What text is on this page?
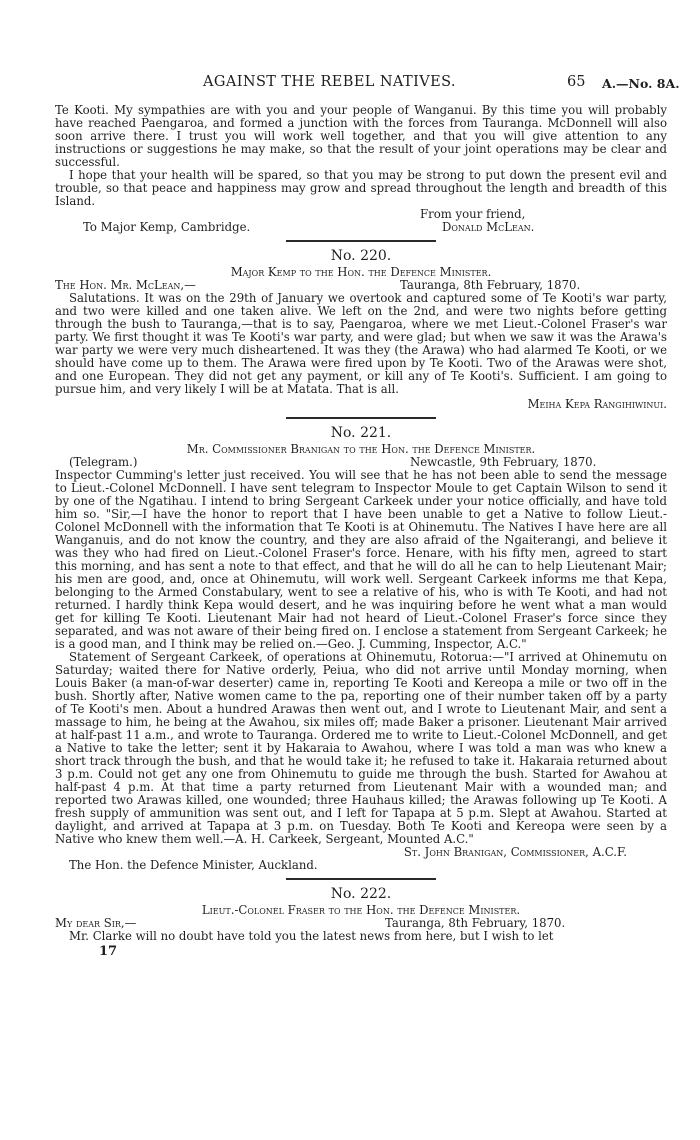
AGAINST THE REBEL NATIVES.	65 A.—No. 8A.

Te Kooti. My sympathies are with you and your people of Wanganui. By this time you will probably have reached Paengaroa, and formed a junction with the forces from Tauranga. McDonnell will also soon arrive there. I trust you will work well together, and that you will give attention to any instructions or suggestions he may make, so that the result of your joint operations may be clear and successful.

I hope that your health will be spared, so that you may be strong to put down the present evil and trouble, so that peace and happiness may grow and spread throughout the length and breadth of this Island.

From your friend,
To Major Kemp, Cambridge.	Donald McLean.
No. 220.
Major Kemp to the Hon. the Defence Minister.
The Hon. Mr. McLean,—	Tauranga, 8th February, 1870.

Salutations. It was on the 29th of January we overtook and captured some of Te Kooti's war party, and two were killed and one taken alive. We left on the 2nd, and were two nights before getting through the bush to Tauranga,—that is to say, Paengaroa, where we met Lieut.-Colonel Fraser's war party. We first thought it was Te Kooti's war party, and were glad; but when we saw it was the Arawa's war party we were very much disheartened. It was they (the Arawa) who had alarmed Te Kooti, or we should have come up to them. The Arawa were fired upon by Te Kooti. Two of the Arawas were shot, and one European. They did not get any payment, or kill any of Te Kooti's. Sufficient. I am going to pursue him, and very likely I will be at Matata. That is all.

Meiha Kepa Rangihiwinui.
No. 221.
Mr. Commissioner Branigan to the Hon. the Defence Minister.
(Telegram.)	Newcastle, 9th February, 1870.

Inspector Cumming's letter just received. You will see that he has not been able to send the message to Lieut.-Colonel McDonnell. I have sent telegram to Inspector Moule to get Captain Wilson to send it by one of the Ngatihau. I intend to bring Sergeant Carkeek under your notice officially, and have told him so. "Sir,—I have the honor to report that I have been unable to get a Native to follow Lieut.-Colonel McDonnell with the information that Te Kooti is at Ohinemutu. The Natives I have here are all Wanganuis, and do not know the country, and they are also afraid of the Ngaiterangi, and believe it was they who had fired on Lieut.-Colonel Fraser's force. Henare, with his fifty men, agreed to start this morning, and has sent a note to that effect, and that he will do all he can to help Lieutenant Mair; his men are good, and, once at Ohinemutu, will work well. Sergeant Carkeek informs me that Kepa, belonging to the Armed Constabulary, went to see a relative of his, who is with Te Kooti, and had not returned. I hardly think Kepa would desert, and he was inquiring before he went what a man would get for killing Te Kooti. Lieutenant Mair had not heard of Lieut.-Colonel Fraser's force since they separated, and was not aware of their being fired on. I enclose a statement from Sergeant Carkeek; he is a good man, and I think may be relied on.—Geo. J. Cumming, Inspector, A.C."

Statement of Sergeant Carkeek, of operations at Ohinemutu, Rotorua:—"I arrived at Ohinemutu on Saturday; waited there for Native orderly, Peiua, who did not arrive until Monday morning, when Louis Baker (a man-of-war deserter) came in, reporting Te Kooti and Kereopa a mile or two off in the bush. Shortly after, Native women came to the pa, reporting one of their number taken off by a party of Te Kooti's men. About a hundred Arawas then went out, and I wrote to Lieutenant Mair, and sent a massage to him, he being at the Awahou, six miles off; made Baker a prisoner. Lieutenant Mair arrived at half-past 11 a.m., and wrote to Tauranga. Ordered me to write to Lieut.-Colonel McDonnell, and get a Native to take the letter; sent it by Hakaraia to Awahou, where I was told a man was who knew a short track through the bush, and that he would take it; he refused to take it. Hakaraia returned about 3 p.m. Could not get any one from Ohinemutu to guide me through the bush. Started for Awahou at half-past 4 p.m. At that time a party returned from Lieutenant Mair with a wounded man; and reported two Arawas killed, one wounded; three Hauhaus killed; the Arawas following up Te Kooti. A fresh supply of ammunition was sent out, and I left for Tapapa at 5 p.m. Slept at Awahou. Started at daylight, and arrived at Tapapa at 3 p.m. on Tuesday. Both Te Kooti and Kereopa were seen by a Native who knew them well.—A. H. Carkeek, Sergeant, Mounted A.C."

St. John Branigan, Commissioner, A.C.F.

The Hon. the Defence Minister, Auckland.

No. 222.
Lieut.-Colonel Fraser to the Hon. the Defence Minister.
My dear Sir,—	Tauranga, 8th February, 1870.

Mr. Clarke will no doubt have told you the latest news from here, but I wish to let

17
